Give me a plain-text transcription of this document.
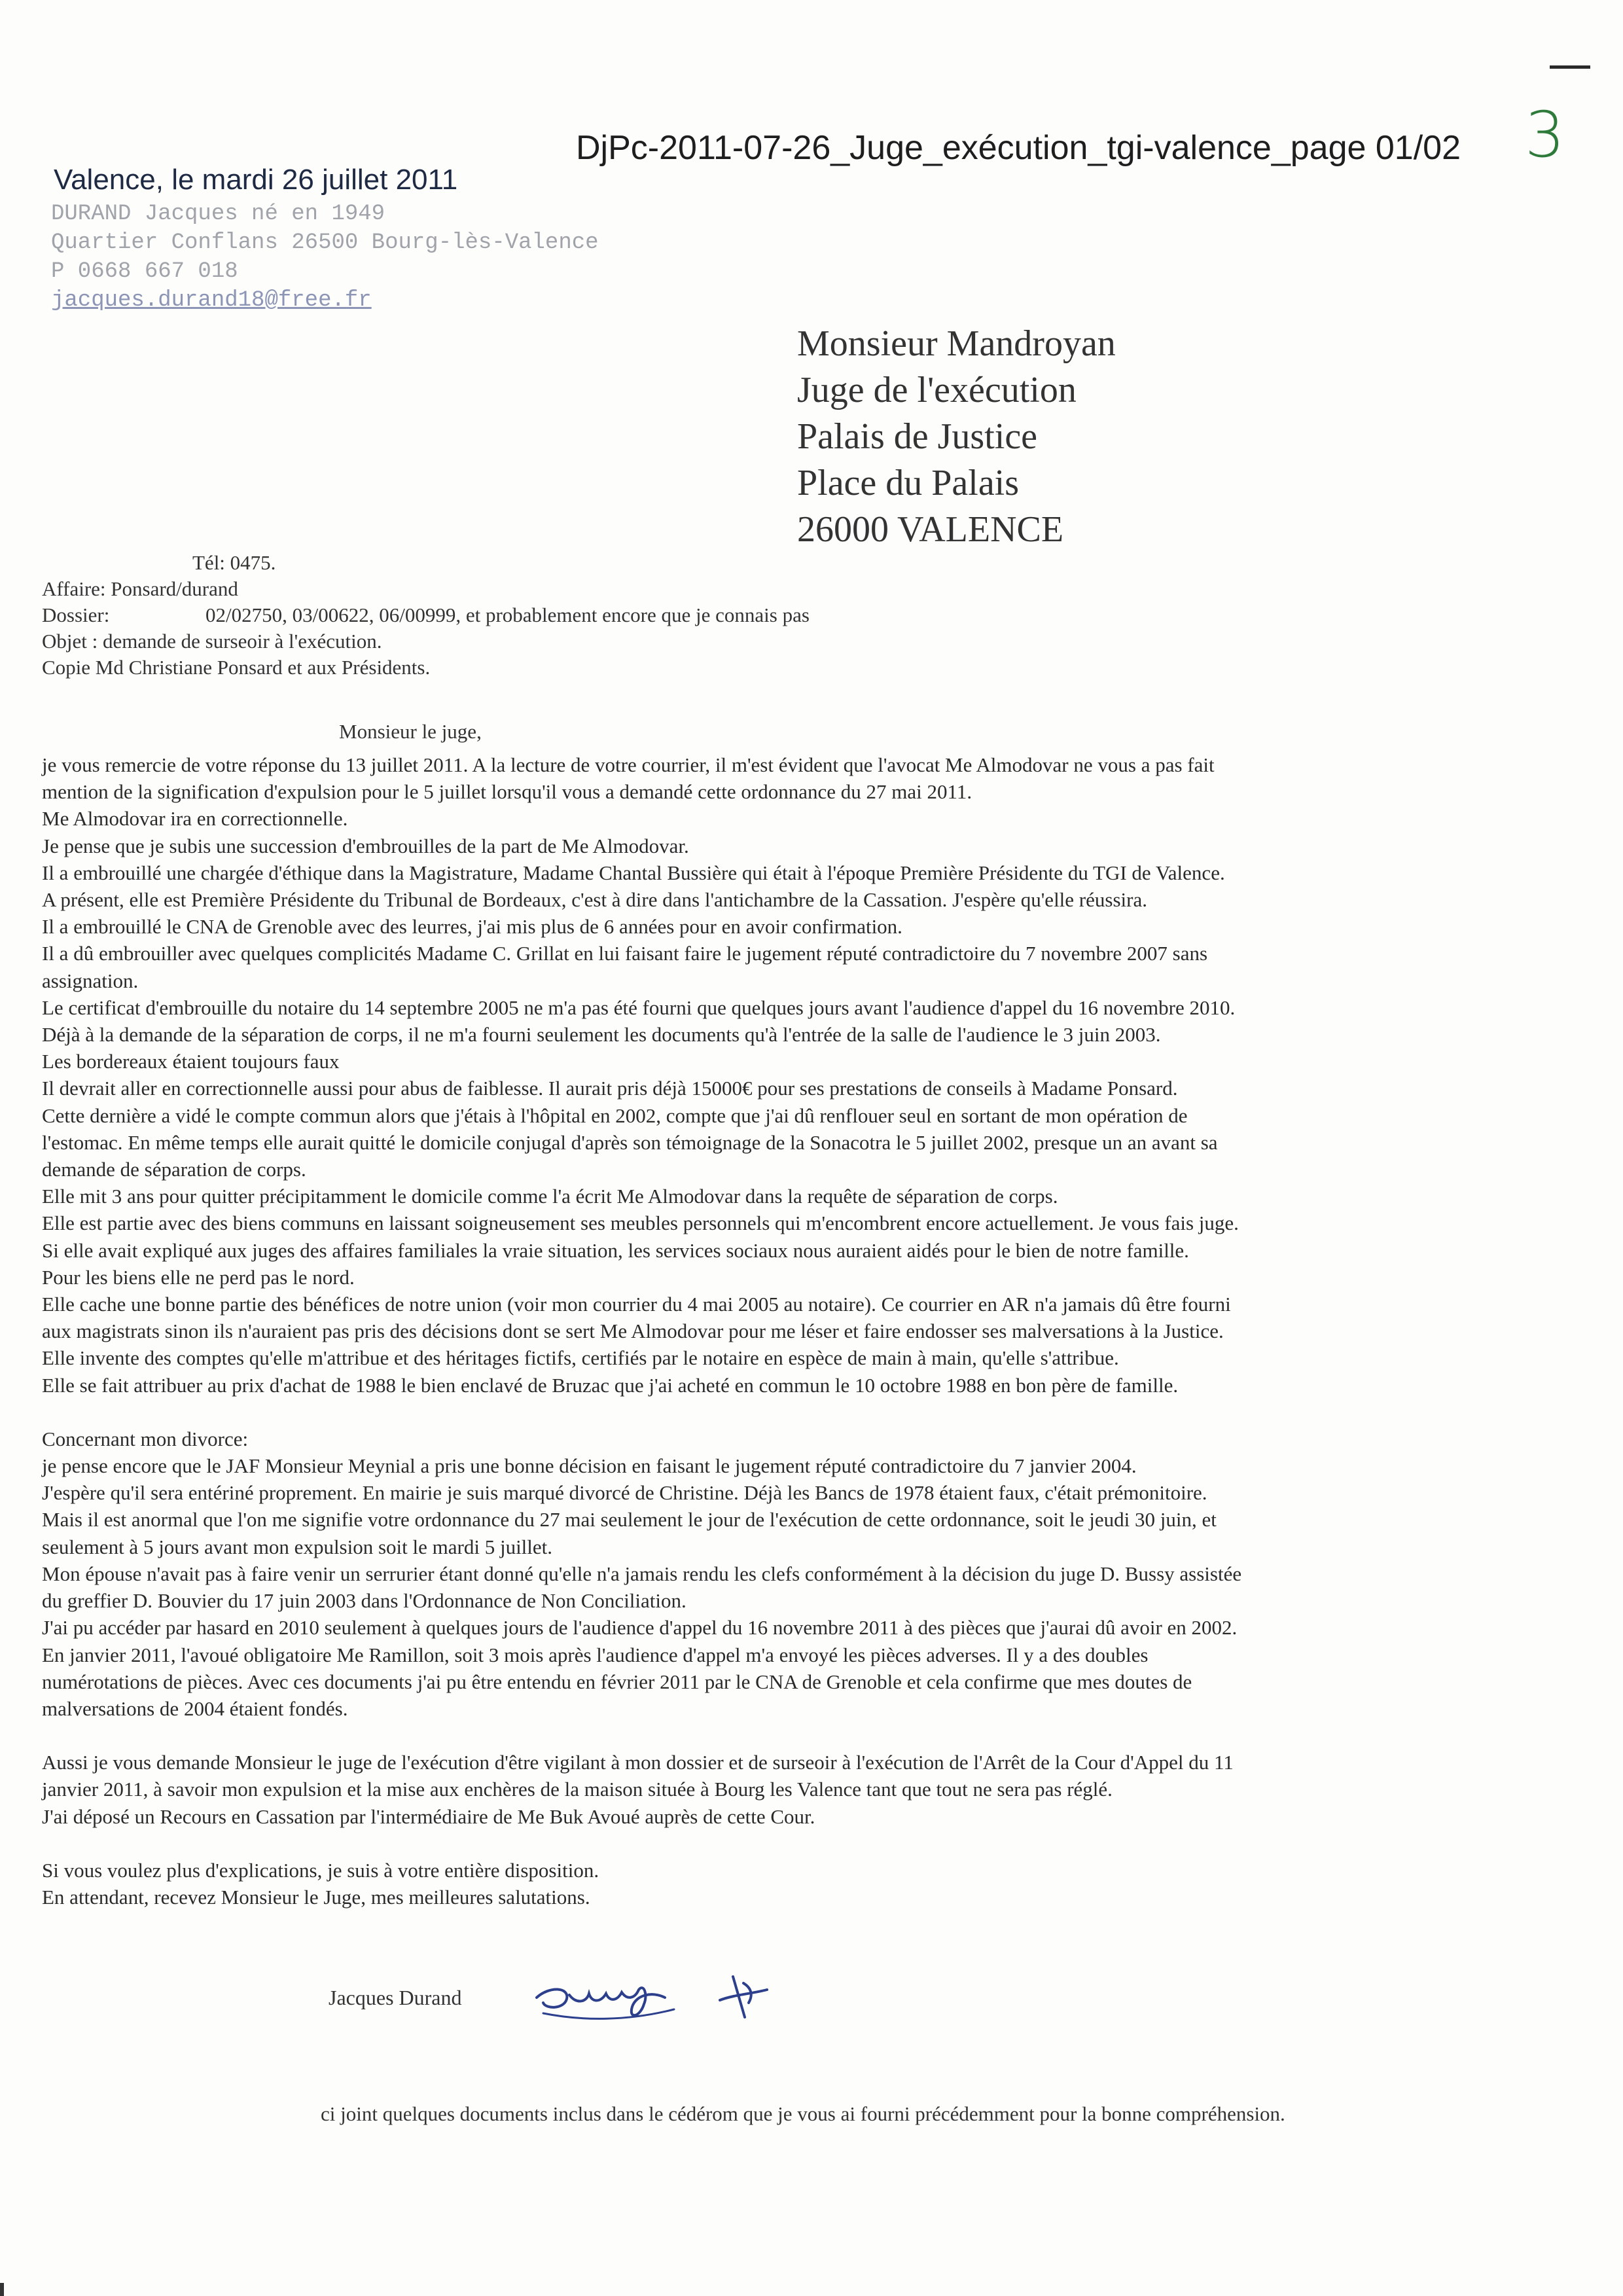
DjPc-2011-07-26_Juge_exécution_tgi-valence_page 01/02 3
Valence, le mardi 26 juillet 2011
DURAND Jacques né en 1949
Quartier Conflans 26500 Bourg-lès-Valence
P 0668 667 018
jacques.durand18@free.fr
Monsieur Mandroyan
Juge de l'exécution
Palais de Justice
Place du Palais
26000 VALENCE
Tél: 0475.
Affaire: Ponsard/durand
Dossier:	02/02750, 03/00622, 06/00999, et probablement encore que je connais pas
Objet : demande de surseoir à l'exécution.
Copie Md Christiane Ponsard et aux Présidents.
Monsieur le juge,

je vous remercie de votre réponse du 13 juillet 2011. A la lecture de votre courrier, il m'est évident que l'avocat Me Almodovar ne vous a pas fait

mention de la signification d'expulsion pour le 5 juillet lorsqu'il vous a demandé cette ordonnance du 27 mai 2011.

Me Almodovar ira en correctionnelle.

Je pense que je subis une succession d'embrouilles de la part de Me Almodovar.

Il a embrouillé une chargée d'éthique dans la Magistrature, Madame Chantal Bussière qui était à l'époque Première Présidente du TGI de Valence.

A présent, elle est Première Présidente du Tribunal de Bordeaux, c'est à dire dans l'antichambre de la Cassation. J'espère qu'elle réussira.

Il a embrouillé le CNA de Grenoble avec des leurres, j'ai mis plus de 6 années pour en avoir confirmation.

Il a dû embrouiller avec quelques complicités Madame C. Grillat en lui faisant faire le jugement réputé contradictoire du 7 novembre 2007 sans

assignation.

Le certificat d'embrouille du notaire du 14 septembre 2005 ne m'a pas été fourni que quelques jours avant l'audience d'appel du 16 novembre 2010.

Déjà à la demande de la séparation de corps, il ne m'a fourni seulement les documents qu'à l'entrée de la salle de l'audience le 3 juin 2003.

Les bordereaux étaient toujours faux

Il devrait aller en correctionnelle aussi pour abus de faiblesse. Il aurait pris déjà 15000€ pour ses prestations de conseils à Madame Ponsard.

Cette dernière a vidé le compte commun alors que j'étais à l'hôpital en 2002, compte que j'ai dû renflouer seul en sortant de mon opération de

l'estomac. En même temps elle aurait quitté le domicile conjugal d'après son témoignage de la Sonacotra le 5 juillet 2002, presque un an avant sa

demande de séparation de corps.

Elle mit 3 ans pour quitter précipitamment le domicile comme l'a écrit Me Almodovar dans la requête de séparation de corps.

Elle est partie avec des biens communs en laissant soigneusement ses meubles personnels qui m'encombrent encore actuellement. Je vous fais juge.

Si elle avait expliqué aux juges des affaires familiales la vraie situation, les services sociaux nous auraient aidés pour le bien de notre famille.

Pour les biens elle ne perd pas le nord.

Elle cache une bonne partie des bénéfices de notre union (voir mon courrier du 4 mai 2005 au notaire). Ce courrier en AR n'a jamais dû être fourni

aux magistrats sinon ils n'auraient pas pris des décisions dont se sert Me Almodovar pour me léser et faire endosser ses malversations à la Justice.

Elle invente des comptes qu'elle m'attribue et des héritages fictifs, certifiés par le notaire en espèce de main à main, qu'elle s'attribue.

Elle se fait attribuer au prix d'achat de 1988 le bien enclavé de Bruzac que j'ai acheté en commun le 10 octobre 1988 en bon père de famille.

Concernant mon divorce:

je pense encore que le JAF Monsieur Meynial a pris une bonne décision en faisant le jugement réputé contradictoire du 7 janvier 2004.

J'espère qu'il sera entériné proprement. En mairie je suis marqué divorcé de Christine. Déjà les Bancs de 1978 étaient faux, c'était prémonitoire.

Mais il est anormal que l'on me signifie votre ordonnance du 27 mai seulement le jour de l'exécution de cette ordonnance, soit le jeudi 30 juin, et

seulement à 5 jours avant mon expulsion soit le mardi 5 juillet.

Mon épouse n'avait pas à faire venir un serrurier étant donné qu'elle n'a jamais rendu les clefs conformément à la décision du juge D. Bussy assistée

du greffier D. Bouvier du 17 juin 2003 dans l'Ordonnance de Non Conciliation.

J'ai pu accéder par hasard en 2010 seulement à quelques jours de l'audience d'appel du 16 novembre 2011 à des pièces que j'aurai dû avoir en 2002.

En janvier 2011, l'avoué obligatoire Me Ramillon, soit 3 mois après l'audience d'appel m'a envoyé les pièces adverses. Il y a des doubles

numérotations de pièces. Avec ces documents j'ai pu être entendu en février 2011 par le CNA de Grenoble et cela confirme que mes doutes de

malversations de 2004 étaient fondés.

Aussi je vous demande Monsieur le juge de l'exécution d'être vigilant à mon dossier et de surseoir à l'exécution de l'Arrêt de la Cour d'Appel du 11

janvier 2011, à savoir mon expulsion et la mise aux enchères de la maison située à Bourg les Valence tant que tout ne sera pas réglé.

J'ai déposé un Recours en Cassation par l'intermédiaire de Me Buk Avoué auprès de cette Cour.

Si vous voulez plus d'explications, je suis à votre entière disposition.

En attendant, recevez Monsieur le Juge, mes meilleures salutations.

Jacques Durand
ci joint quelques documents inclus dans le cédérom que je vous ai fourni précédemment pour la bonne compréhension.
